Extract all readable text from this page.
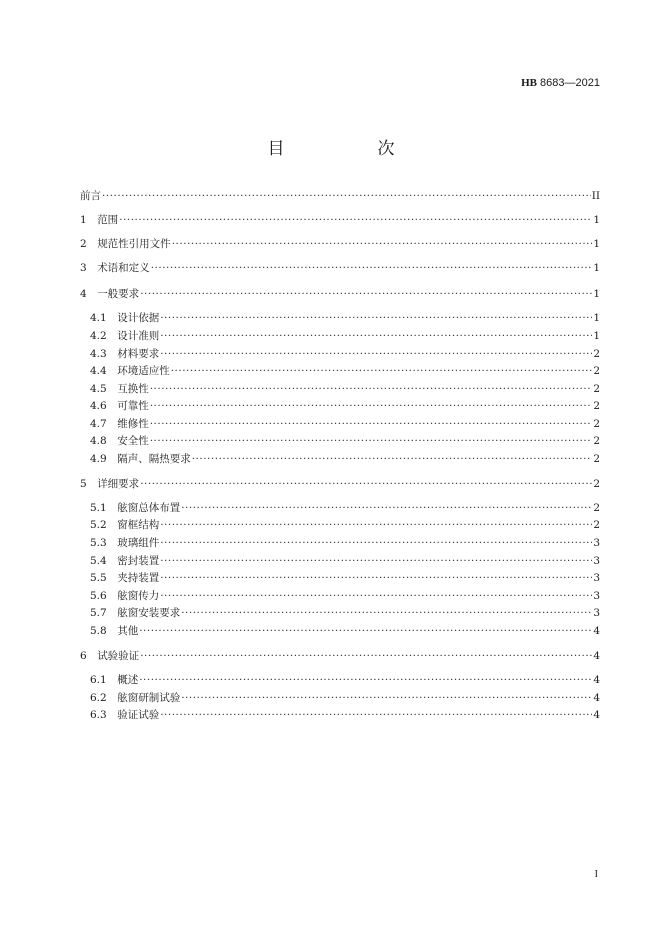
HB 8683—2021
目　次
前言 ·····	II
1　 范围 ·····	1
2　 规范性引用文件 ·····	1
3　 术语和定义 ·····	1
4　 一般要求 ·····	1
4.1　 设计依据 ·····	1
4.2　 设计准则 ·····	1
4.3　 材料要求 ·····	2
4.4　 环境适应性 ·····	2
4.5　 互换性 ·····	2
4.6　 可靠性 ·····	2
4.7　 维修性 ·····	2
4.8　 安全性 ·····	2
4.9　 隔声、隔热要求 ·····	2
5　 详细要求 ·····	2
5.1　 舷窗总体布置 ·····	2
5.2　 窗框结构 ·····	2
5.3　 玻璃组件 ·····	3
5.4　 密封装置 ·····	3
5.5　 夹持装置 ·····	3
5.6　 舷窗传力 ·····	3
5.7　 舷窗安装要求 ·····	3
5.8　 其他 ·····	4
6　 试验验证 ·····	4
6.1　 概述 ·····	4
6.2　 舷窗研制试验 ·····	4
6.3　 验证试验 ·····	4
I
